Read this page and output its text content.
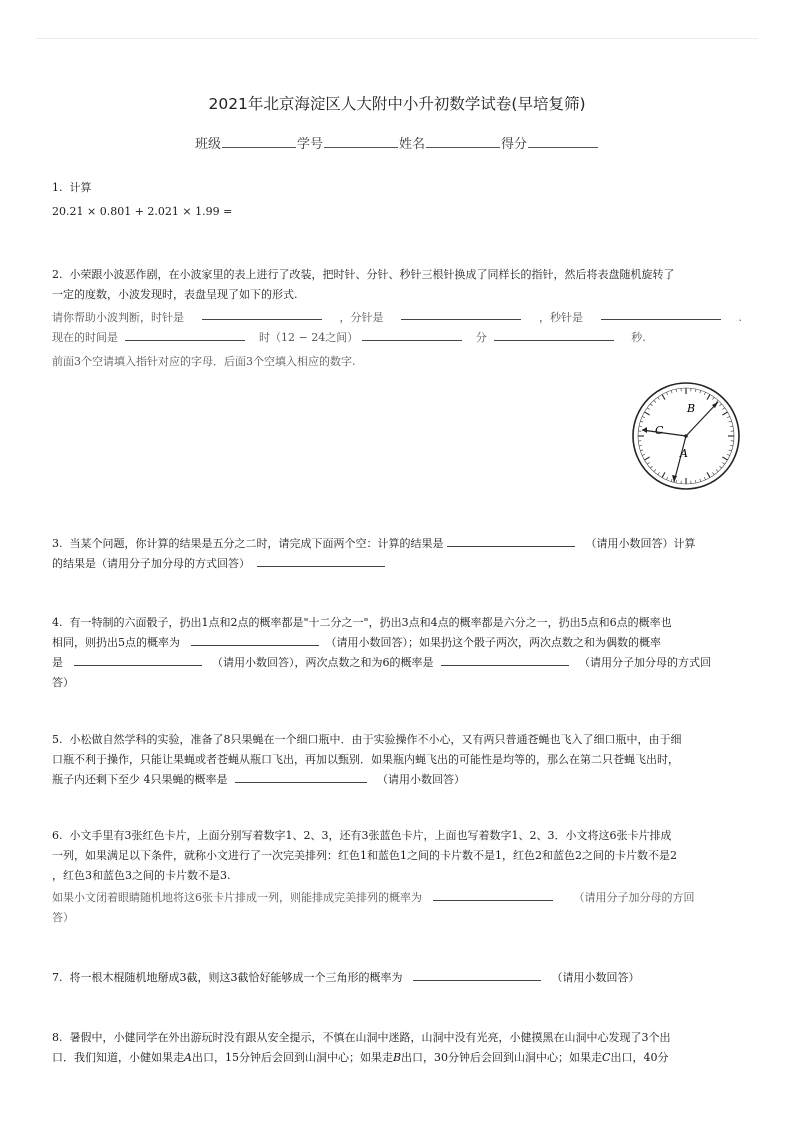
2021年北京海淀区人大附中小升初数学试卷(早培复筛)
班级	学号	姓名	得分
1. 计算
20.21 × 0.801 + 2.021 × 1.99 =
2. 小荣跟小波恶作剧，在小波家里的表上进行了改装，把时针、分针、秒针三根针换成了同样长的指针，然后将表盘随机旋转了
一定的度数，小波发现时，表盘呈现了如下的形式.
请你帮助小波判断，时针是	，分针是	，秒针是	.
现在的时间是	时（12 − 24之间）	分	秒.
前面3个空请填入指针对应的字母．后面3个空填入相应的数字.
B
C
A
3. 当某个问题，你计算的结果是五分之二时，请完成下面两个空：计算的结果是	（请用小数回答）计算
的结果是（请用分子加分母的方式回答）
4. 有一特制的六面骰子，扔出1点和2点的概率都是"十二分之一"，扔出3点和4点的概率都是六分之一，扔出5点和6点的概率也
相同，则扔出5点的概率为	（请用小数回答）；如果扔这个骰子两次，两次点数之和为偶数的概率
是	（请用小数回答），两次点数之和为6的概率是	（请用分子加分母的方式回
答）
5. 小松做自然学科的实验，准备了8只果蝇在一个细口瓶中．由于实验操作不小心，又有两只普通苍蝇也飞入了细口瓶中，由于细
口瓶不利于操作，只能让果蝇或者苍蝇从瓶口飞出，再加以甄别．如果瓶内蝇飞出的可能性是均等的，那么在第二只苍蝇飞出时，
瓶子内还剩下至少 4只果蝇的概率是	（请用小数回答）
6. 小文手里有3张红色卡片，上面分别写着数字1、2、3，还有3张蓝色卡片，上面也写着数字1、2、3．小文将这6张卡片排成
一列，如果满足以下条件，就称小文进行了一次完美排列：红色1和蓝色1之间的卡片数不是1，红色2和蓝色2之间的卡片数不是2
，红色3和蓝色3之间的卡片数不是3.
如果小文闭着眼睛随机地将这6张卡片排成一列，则能排成完美排列的概率为	（请用分子加分母的方回
答）
7. 将一根木棍随机地掰成3截，则这3截恰好能够成一个三角形的概率为	（请用小数回答）
8. 暑假中，小健同学在外出游玩时没有跟从安全提示，不慎在山洞中迷路，山洞中没有光亮，小健摸黑在山洞中心发现了3个出
口．我们知道，小健如果走A出口，15分钟后会回到山洞中心；如果走B出口，30分钟后会回到山洞中心；如果走C出口，40分
